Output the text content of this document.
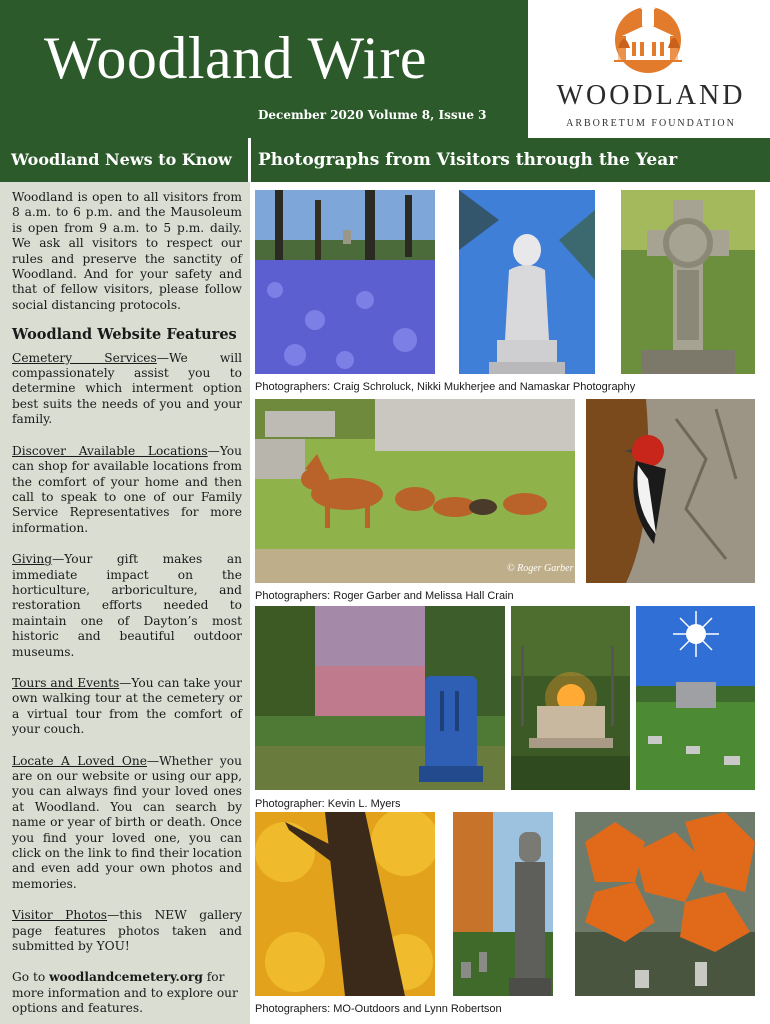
Woodland Wire
December 2020 Volume 8, Issue 3
WOODLAND
ARBORETUM FOUNDATION
Woodland News to Know	Photographs from Visitors through the Year

Woodland is open to all visitors from 8 a.m. to 6 p.m. and the Mausoleum is open from 9 a.m. to 5 p.m. daily. We ask all visitors to respect our rules and preserve the sanctity of Woodland. And for your safety and that of fellow visitors, please follow social distancing protocols.

Woodland Website Features

Cemetery Services—We will compassionately assist you to determine which interment option best suits the needs of you and your family.

Discover Available Locations—You can shop for available locations from the comfort of your home and then call to speak to one of our Family Service Representatives for more information.

Giving—Your gift makes an immediate impact on the horticulture, arboriculture, and restoration efforts needed to maintain one of Dayton’s most historic and beautiful outdoor museums.

Tours and Events—You can take your own walking tour at the cemetery or a virtual tour from the comfort of your couch.

Locate A Loved One—Whether you are on our website or using our app, you can always find your loved ones at Woodland. You can search by name or year of birth or death. Once you find your loved one, you can click on the link to find their location and even add your own photos and memories.

Visitor Photos—this NEW gallery page features photos taken and submitted by YOU!

Go to woodlandcemetery.org for more information and to explore our options and features.

Photographers: Craig Schroluck, Nikki Mukherjee and Namaskar Photography
© Roger Garber
Photographers: Roger Garber and Melissa Hall Crain
Photographer: Kevin L. Myers
Photographers: MO-Outdoors and Lynn Robertson
